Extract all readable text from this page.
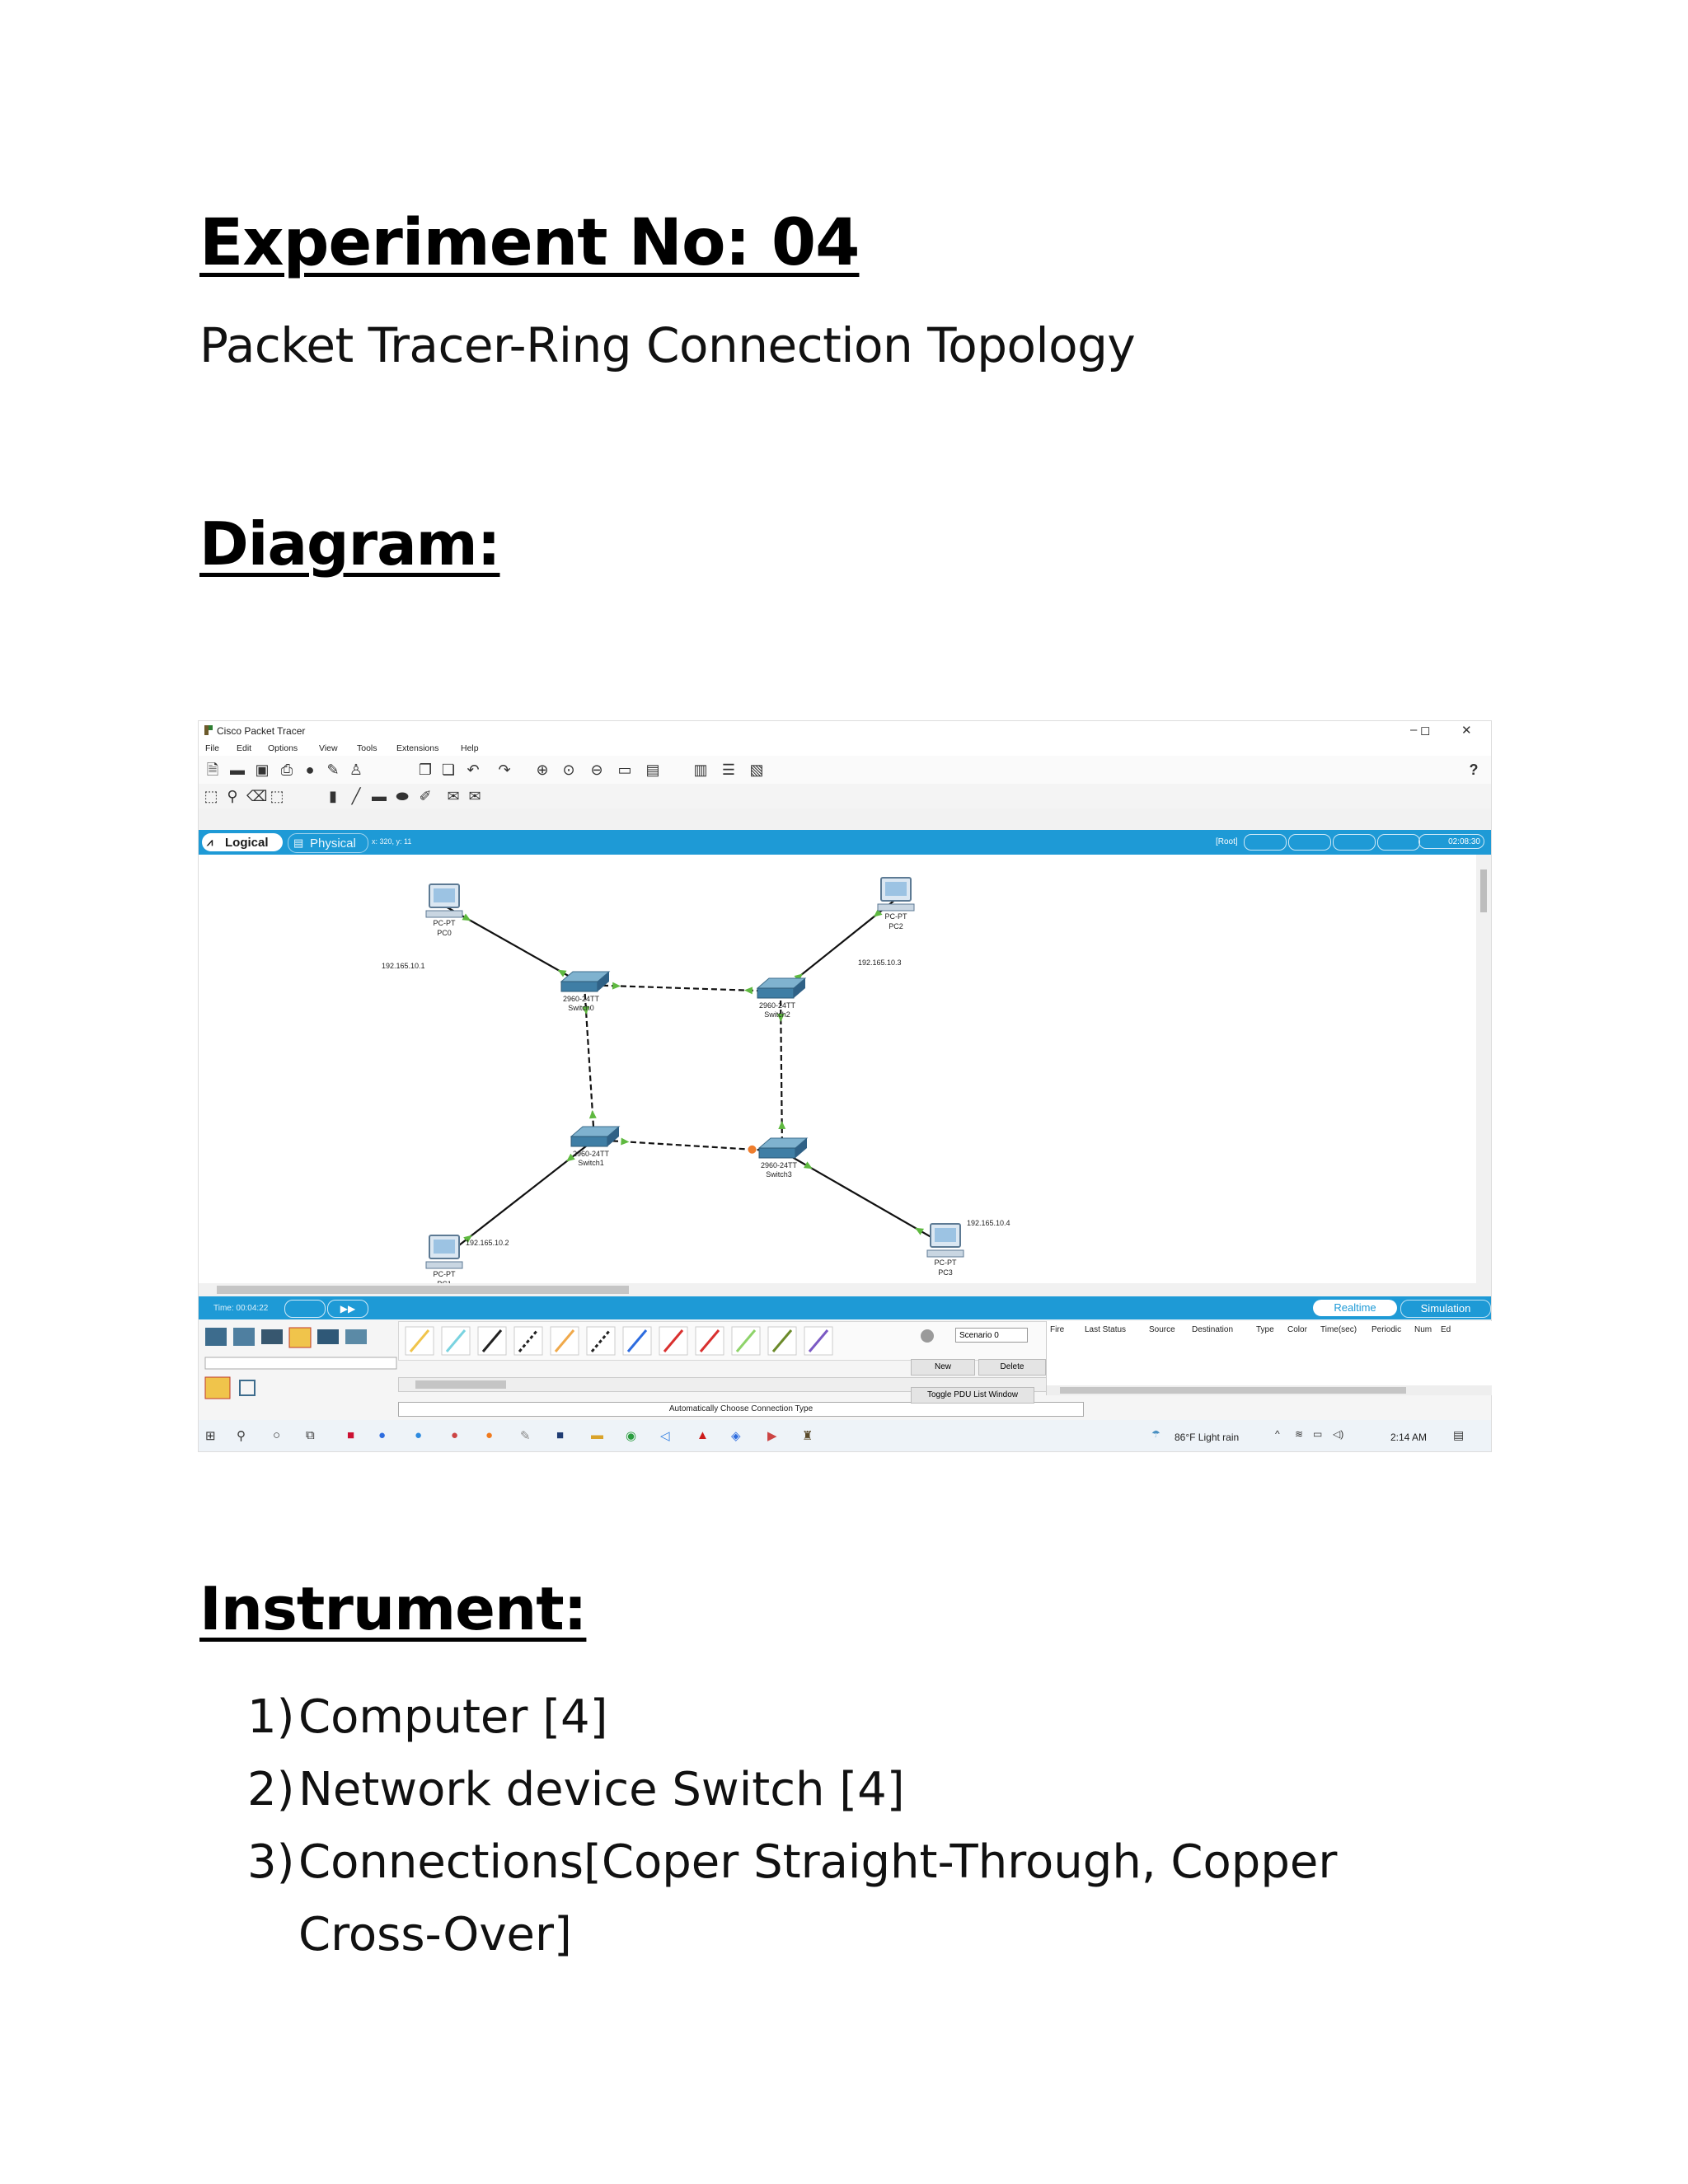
Experiment No: 04

Packet Tracer-Ring Connection Topology

Diagram:
Cisco Packet Tracer	– ◻	✕
File Edit Options View Tools Extensions	Help
🗎 ▬ ▣ ⎙ ● ✎ ♙	❐ ❏ ↶ ↷ ⊕ ⊙ ⊖ ▭ ▤ ▥ ☰ ▧	?
⬚ ⚲ ⌫ ⬚	▮ ╱ ▬ ⬬ ✐ ✉ ✉
⩘ Logical ▤ Physical x: 320, y: 11	[Root]	02:08:30
PC-PT
PC0
192.165.10.1
PC-PT
192.165.10.2
PC-PT
PC2
192.165.10.3
PC-PT
PC3
192.165.10.4
2960-24TT
Switch0
2960-24TT
Switch1
2960-24TT
Switch2
2960-24TT
Switch3
Time: 00:04:22	▶▶	Realtime	Simulation
Automatically Choose Connection Type
Scenario 0
New	Delete
Toggle PDU List Window
Fire Last Status	Source Destination	Type Color Time(sec) Periodic Num Ed
⊞ ⚲ ○ ⧉	■ ● ● ● ● ✎ ■ ▬ ◉ ◁ ▲ ◈ ▶ ♜	☂ 86°F Light rain	^ ≋ ▭ ◁)	2:14 AM ▤
Instrument:
1) Computer [4]
2) Network device Switch [4]
3) Connections[Coper Straight-Through, Copper Cross-Over]
